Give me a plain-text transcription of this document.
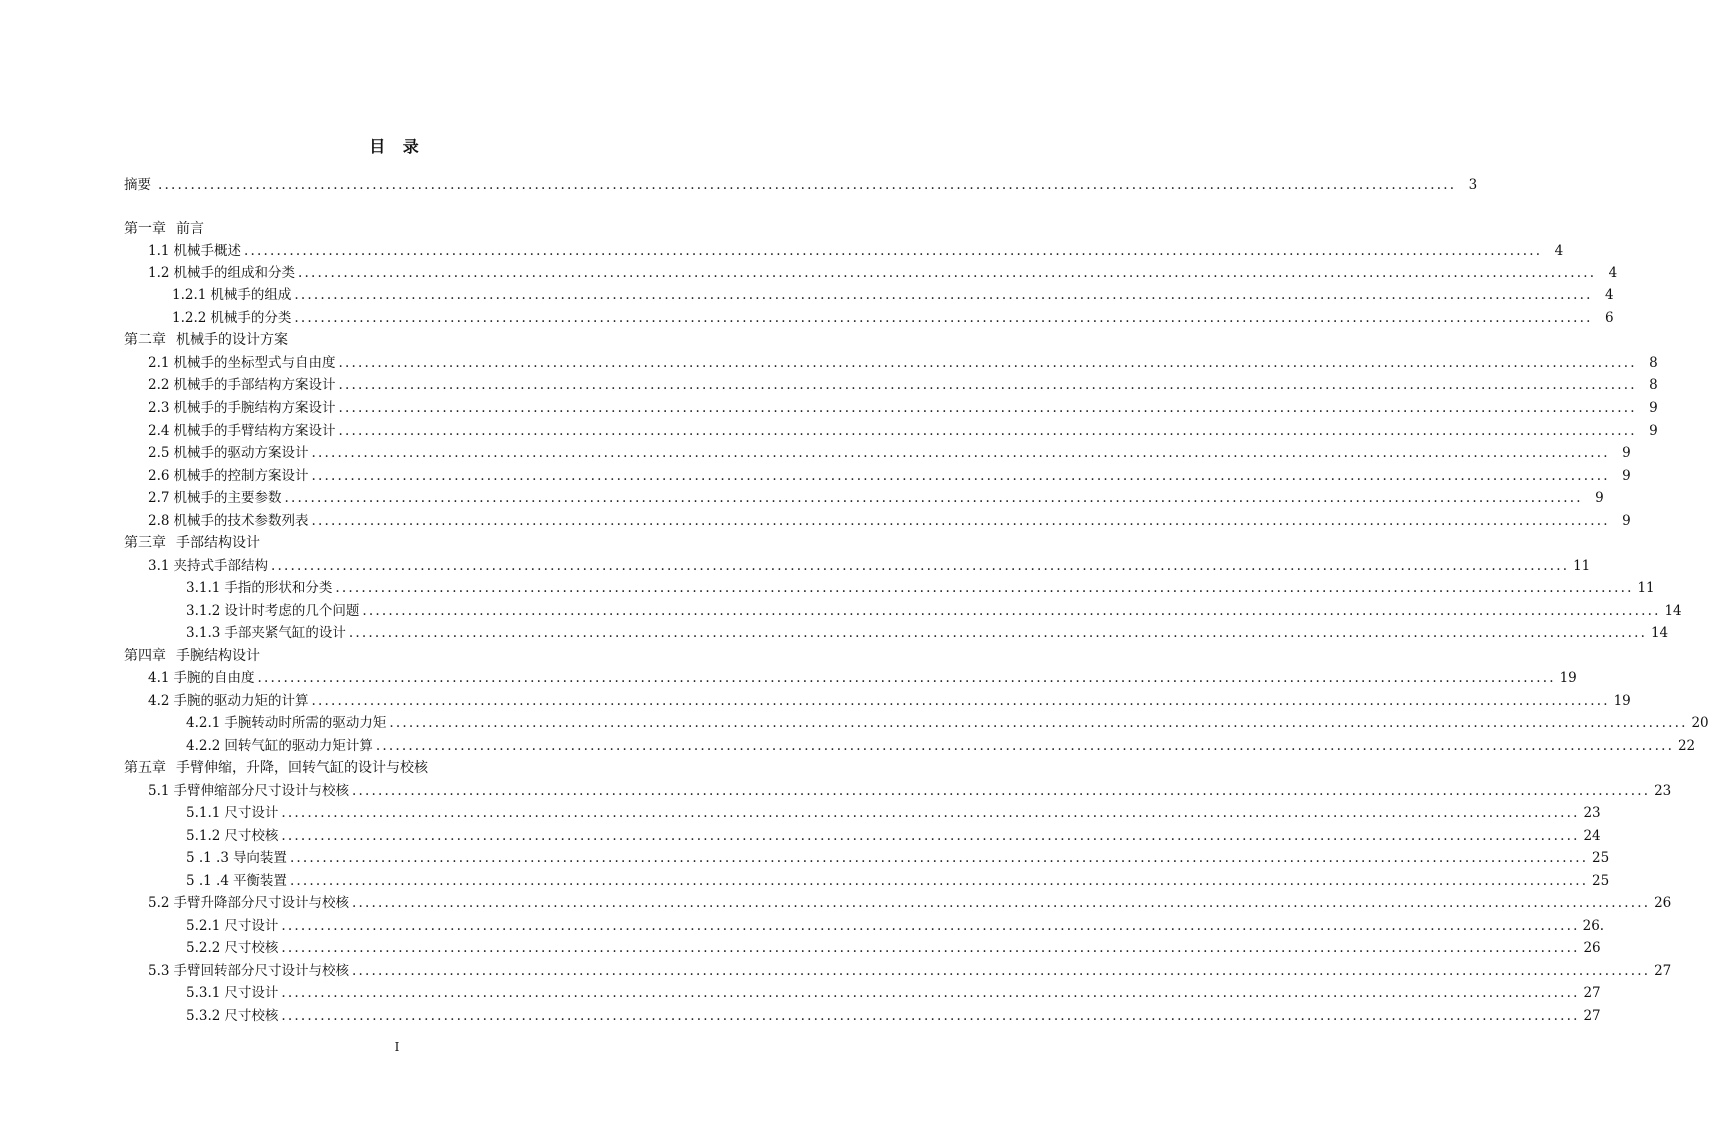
目 录
摘要 ........................................................................................................................................................................................................ 3
第一章 前言
1.1 机械手概述 ........................................................................................................................................................................................................ 4
1.2 机械手的组成和分类 ........................................................................................................................................................................................................ 4
1.2.1 机械手的组成 ........................................................................................................................................................................................................ 4
1.2.2 机械手的分类 ........................................................................................................................................................................................................ 6
第二章 机械手的设计方案
2.1 机械手的坐标型式与自由度 ........................................................................................................................................................................................................ 8
2.2 机械手的手部结构方案设计 ........................................................................................................................................................................................................ 8
2.3 机械手的手腕结构方案设计 ........................................................................................................................................................................................................ 9
2.4 机械手的手臂结构方案设计 ........................................................................................................................................................................................................ 9
2.5 机械手的驱动方案设计 ........................................................................................................................................................................................................ 9
2.6 机械手的控制方案设计 ........................................................................................................................................................................................................ 9
2.7 机械手的主要参数 ........................................................................................................................................................................................................ 9
2.8 机械手的技术参数列表 ........................................................................................................................................................................................................ 9
第三章 手部结构设计
3.1 夹持式手部结构 ........................................................................................................................................................................................................ 11
3.1.1 手指的形状和分类 ........................................................................................................................................................................................................ 11
3.1.2 设计时考虑的几个问题 ........................................................................................................................................................................................................ 14
3.1.3 手部夹紧气缸的设计 ........................................................................................................................................................................................................ 14
第四章 手腕结构设计
4.1 手腕的自由度 ........................................................................................................................................................................................................ 19
4.2 手腕的驱动力矩的计算 ........................................................................................................................................................................................................ 19
4.2.1 手腕转动时所需的驱动力矩 ........................................................................................................................................................................................................ 20
4.2.2 回转气缸的驱动力矩计算 ........................................................................................................................................................................................................ 22
第五章 手臂伸缩，升降，回转气缸的设计与校核
5.1 手臂伸缩部分尺寸设计与校核 ........................................................................................................................................................................................................ 23
5.1.1 尺寸设计 ........................................................................................................................................................................................................ 23
5.1.2 尺寸校核 ........................................................................................................................................................................................................ 24
5 .1 .3 导向装置 ........................................................................................................................................................................................................ 25
5 .1 .4 平衡装置 ........................................................................................................................................................................................................ 25
5.2 手臂升降部分尺寸设计与校核 ........................................................................................................................................................................................................ 26
5.2.1 尺寸设计 ........................................................................................................................................................................................................ 26.
5.2.2 尺寸校核 ........................................................................................................................................................................................................ 26
5.3 手臂回转部分尺寸设计与校核 ........................................................................................................................................................................................................ 27
5.3.1 尺寸设计 ........................................................................................................................................................................................................ 27
5.3.2 尺寸校核 ........................................................................................................................................................................................................ 27
I
